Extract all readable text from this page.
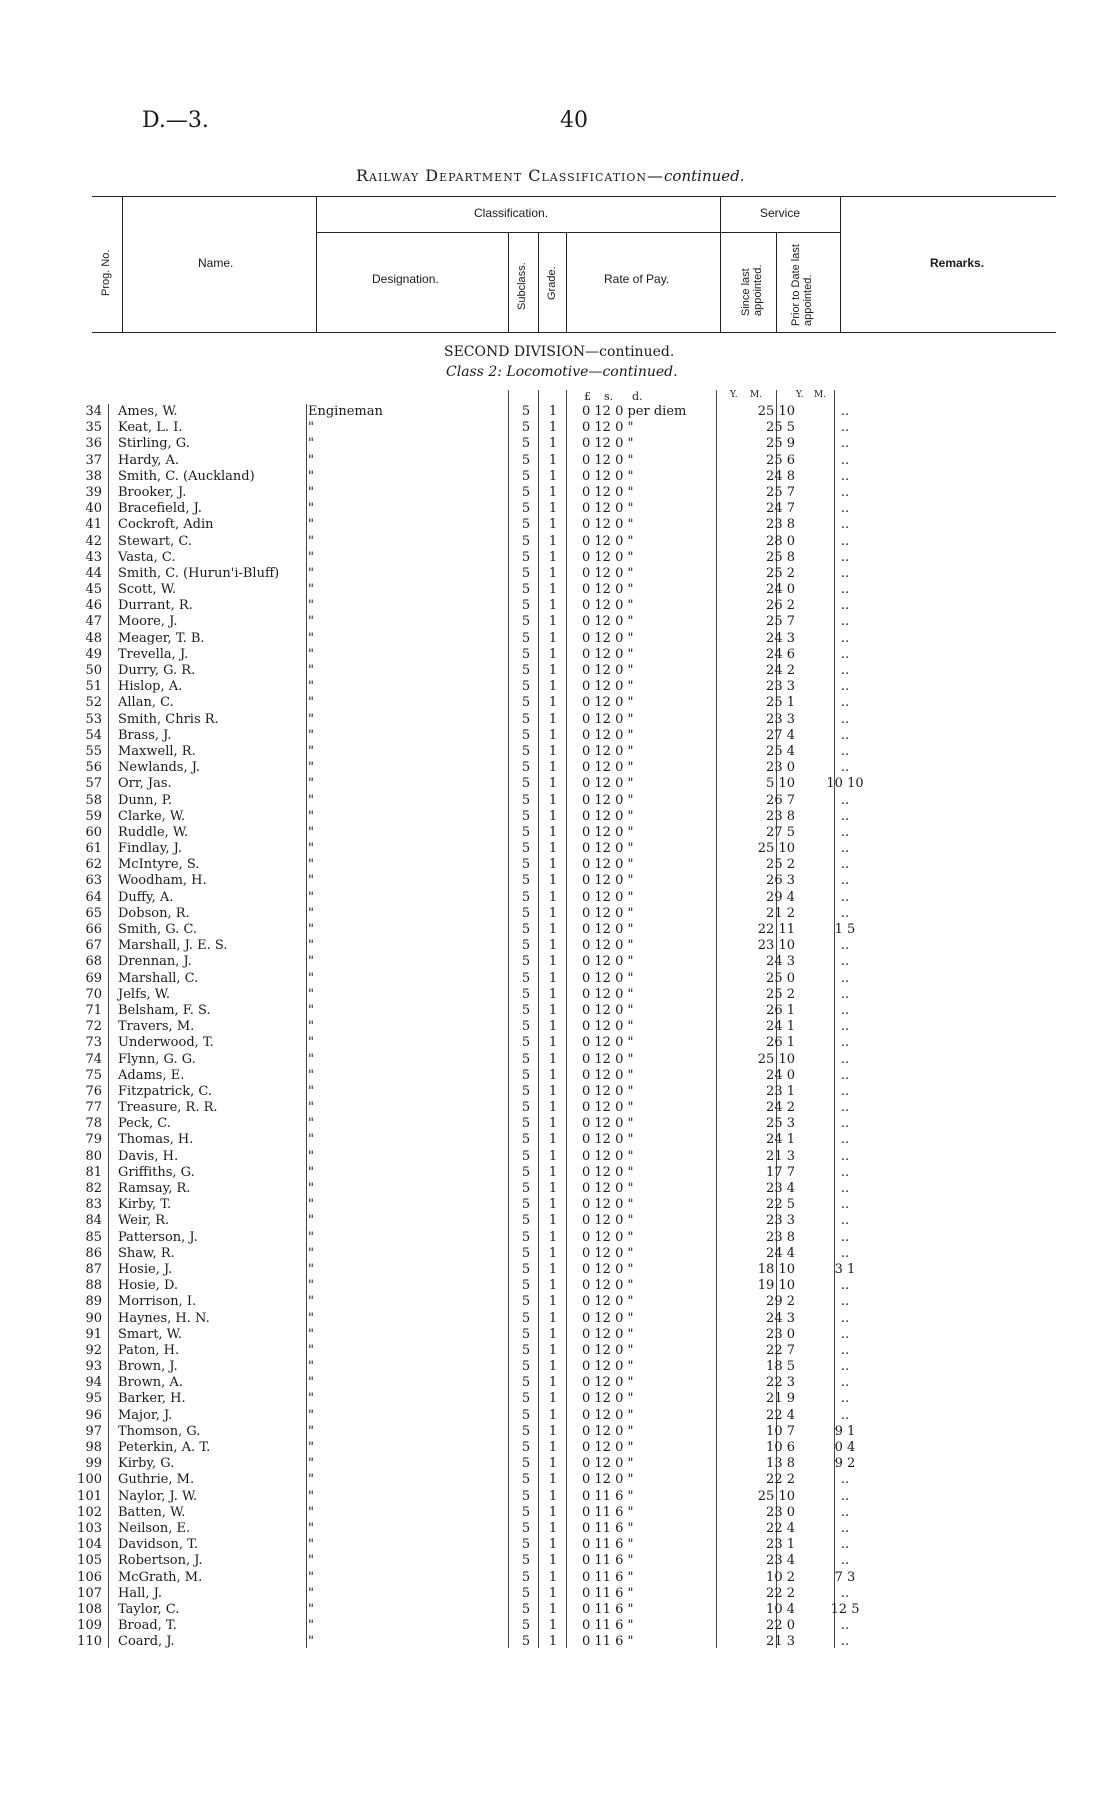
D.—3.	40
Railway Department Classification—continued.
Prog. No.	Name.
Classification.
Designation.	Subclass. Grade.	Rate of Pay.
Service
Since last appointed. Prior to Date last appointed.
Remarks.
SECOND DIVISION—continued.
Class 2: Locomotive—continued.
£ s. d.	Y. M.	Y. M.
34 Ames, W.	Engineman	5	1	0 12 0 per diem	25 10	..
35 Keat, L. I.	"	5	1	0 12 0 "	25 5	..
36 Stirling, G.	"	5	1	0 12 0 "	25 9	..
37 Hardy, A.	"	5	1	0 12 0 "	25 6	..
38 Smith, C. (Auckland)	"	5	1	0 12 0 "	24 8	..
39 Brooker, J.	"	5	1	0 12 0 "	25 7	..
40 Bracefield, J.	"	5	1	0 12 0 "	24 7	..
41 Cockroft, Adin	"	5	1	0 12 0 "	23 8	..
42 Stewart, C.	"	5	1	0 12 0 "	28 0	..
43 Vasta, C.	"	5	1	0 12 0 "	25 8	..
44 Smith, C. (Hurun'i-Bluff) "	5	1	0 12 0 "	25 2	..
45 Scott, W.	"	5	1	0 12 0 "	24 0	..
46 Durrant, R.	"	5	1	0 12 0 "	26 2	..
47 Moore, J.	"	5	1	0 12 0 "	25 7	..
48 Meager, T. B.	"	5	1	0 12 0 "	24 3	..
49 Trevella, J.	"	5	1	0 12 0 "	24 6	..
50 Durry, G. R.	"	5	1	0 12 0 "	24 2	..
51 Hislop, A.	"	5	1	0 12 0 "	23 3	..
52 Allan, C.	"	5	1	0 12 0 "	25 1	..
53 Smith, Chris R.	"	5	1	0 12 0 "	23 3	..
54 Brass, J.	"	5	1	0 12 0 "	27 4	..
55 Maxwell, R.	"	5	1	0 12 0 "	25 4	..
56 Newlands, J.	"	5	1	0 12 0 "	23 0	..
57 Orr, Jas.	"	5	1	0 12 0 "	5 10	10 10
58 Dunn, P.	"	5	1	0 12 0 "	26 7	..
59 Clarke, W.	"	5	1	0 12 0 "	23 8	..
60 Ruddle, W.	"	5	1	0 12 0 "	27 5	..
61 Findlay, J.	"	5	1	0 12 0 "	25 10	..
62 McIntyre, S.	"	5	1	0 12 0 "	25 2	..
63 Woodham, H.	"	5	1	0 12 0 "	26 3	..
64 Duffy, A.	"	5	1	0 12 0 "	29 4	..
65 Dobson, R.	"	5	1	0 12 0 "	21 2	..
66 Smith, G. C.	"	5	1	0 12 0 "	22 11	1 5
67 Marshall, J. E. S.	"	5	1	0 12 0 "	23 10	..
68 Drennan, J.	"	5	1	0 12 0 "	24 3	..
69 Marshall, C.	"	5	1	0 12 0 "	25 0	..
70 Jelfs, W.	"	5	1	0 12 0 "	25 2	..
71 Belsham, F. S.	"	5	1	0 12 0 "	26 1	..
72 Travers, M.	"	5	1	0 12 0 "	24 1	..
73 Underwood, T.	"	5	1	0 12 0 "	26 1	..
74 Flynn, G. G.	"	5	1	0 12 0 "	25 10	..
75 Adams, E.	"	5	1	0 12 0 "	24 0	..
76 Fitzpatrick, C.	"	5	1	0 12 0 "	23 1	..
77 Treasure, R. R.	"	5	1	0 12 0 "	24 2	..
78 Peck, C.	"	5	1	0 12 0 "	25 3	..
79 Thomas, H.	"	5	1	0 12 0 "	24 1	..
80 Davis, H.	"	5	1	0 12 0 "	21 3	..
81 Griffiths, G.	"	5	1	0 12 0 "	17 7	..
82 Ramsay, R.	"	5	1	0 12 0 "	23 4	..
83 Kirby, T.	"	5	1	0 12 0 "	22 5	..
84 Weir, R.	"	5	1	0 12 0 "	23 3	..
85 Patterson, J.	"	5	1	0 12 0 "	23 8	..
86 Shaw, R.	"	5	1	0 12 0 "	24 4	..
87 Hosie, J.	"	5	1	0 12 0 "	18 10	3 1
88 Hosie, D.	"	5	1	0 12 0 "	19 10	..
89 Morrison, I.	"	5	1	0 12 0 "	29 2	..
90 Haynes, H. N.	"	5	1	0 12 0 "	24 3	..
91 Smart, W.	"	5	1	0 12 0 "	23 0	..
92 Paton, H.	"	5	1	0 12 0 "	22 7	..
93 Brown, J.	"	5	1	0 12 0 "	18 5	..
94 Brown, A.	"	5	1	0 12 0 "	22 3	..
95 Barker, H.	"	5	1	0 12 0 "	21 9	..
96 Major, J.	"	5	1	0 12 0 "	22 4	..
97 Thomson, G.	"	5	1	0 12 0 "	10 7	9 1
98 Peterkin, A. T.	"	5	1	0 12 0 "	10 6	0 4
99 Kirby, G.	"	5	1	0 12 0 "	13 8	9 2
100 Guthrie, M.	"	5	1	0 12 0 "	22 2	..
101 Naylor, J. W.	"	5	1	0 11 6 "	25 10	..
102 Batten, W.	"	5	1	0 11 6 "	23 0	..
103 Neilson, E.	"	5	1	0 11 6 "	22 4	..
104 Davidson, T.	"	5	1	0 11 6 "	23 1	..
105 Robertson, J.	"	5	1	0 11 6 "	23 4	..
106 McGrath, M.	"	5	1	0 11 6 "	10 2	7 3
107 Hall, J.	"	5	1	0 11 6 "	22 2	..
108 Taylor, C.	"	5	1	0 11 6 "	10 4	12 5
109 Broad, T.	"	5	1	0 11 6 "	22 0	..
110 Coard, J.	"	5	1	0 11 6 "	21 3	..
